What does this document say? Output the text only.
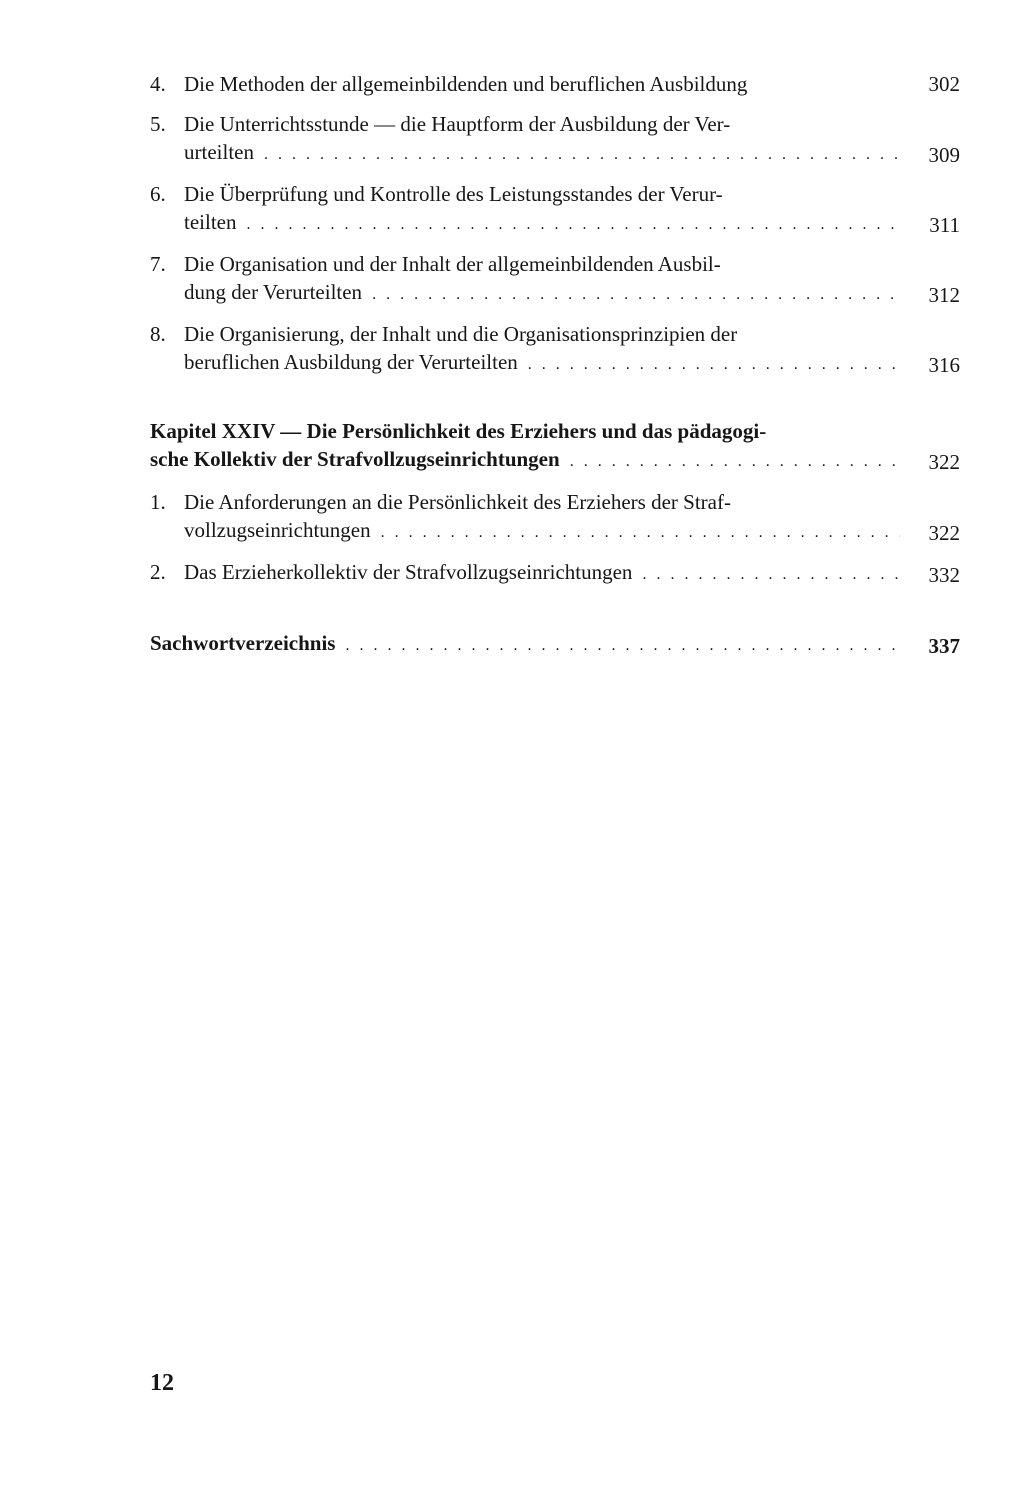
4. Die Methoden der allgemeinbildenden und beruflichen Ausbildung	302
5. Die Unterrichtsstunde — die Hauptform der Ausbildung der Ver-
urteilten . . .	309
6. Die Überprüfung und Kontrolle des Leistungsstandes der Verur-
teilten . . .	311
7. Die Organisation und der Inhalt der allgemeinbildenden Ausbil-
dung der Verurteilten . . .	312
8. Die Organisierung, der Inhalt und die Organisationsprinzipien der
beruflichen Ausbildung der Verurteilten . . .	316
Kapitel XXIV — Die Persönlichkeit des Erziehers und das pädagogi-
sche Kollektiv der Strafvollzugseinrichtungen . . .	322
1. Die Anforderungen an die Persönlichkeit des Erziehers der Straf-
vollzugseinrichtungen . . .	322
2. Das Erzieherkollektiv der Strafvollzugseinrichtungen . . .	332
Sachwortverzeichnis . . .	337
12
